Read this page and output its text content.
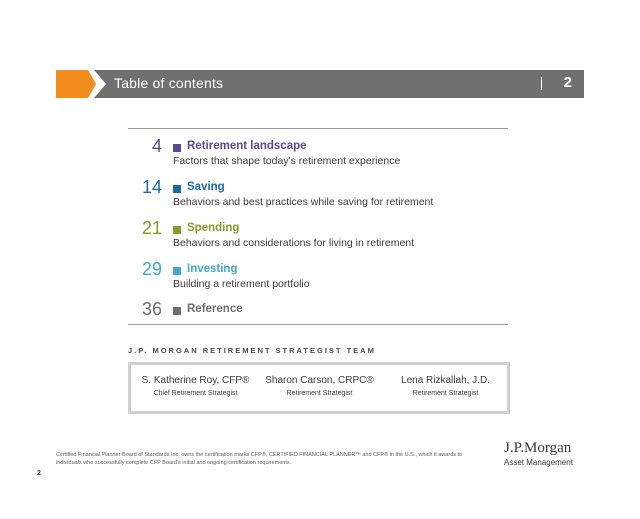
Table of contents	2
4 Retirement landscape
Factors that shape today's retirement experience
14 Saving
Behaviors and best practices while saving for retirement
21 Spending
Behaviors and considerations for living in retirement
29 Investing
Building a retirement portfolio
36 Reference
J.P. MORGAN RETIREMENT STRATEGIST TEAM
S. Katherine Roy, CFP®
Chief Retirement Strategist
Sharon Carson, CRPC®
Retirement Strategist
Lena Rizkallah, J.D.
Retirement Strategist
Certified Financial Planner Board of Standards Inc. owns the certification marks CFP®, CERTIFIED FINANCIAL PLANNER™ and CFP® in the U.S., which it awards to individuals who successfully complete CFP Board's initial and ongoing certification requirements.
2
J.P.Morgan
Asset Management
